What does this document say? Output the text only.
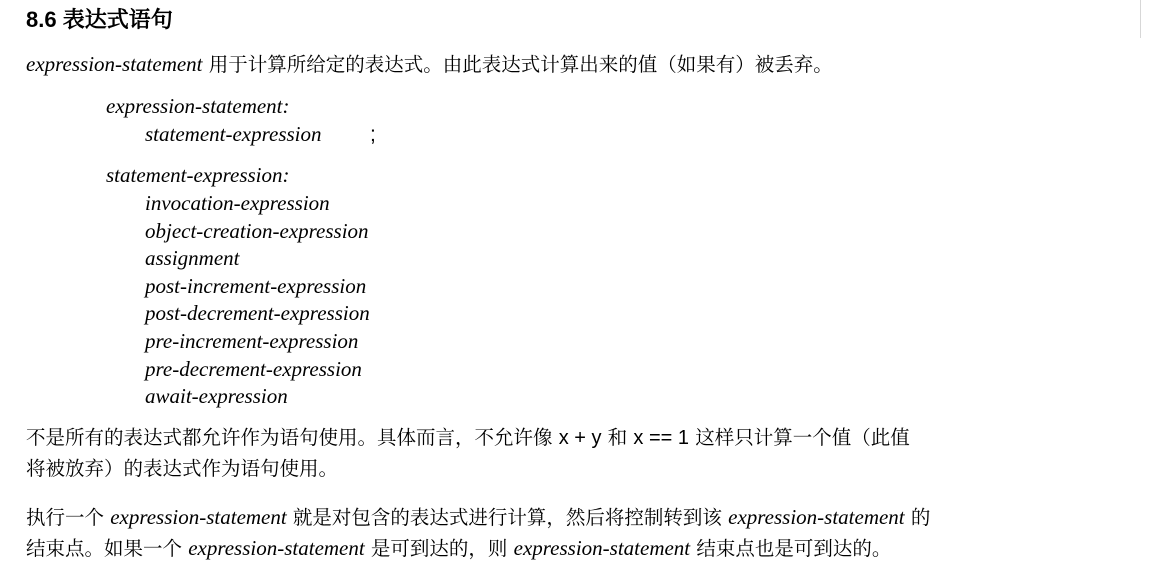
8.6 表达式语句
expression-statement 用于计算所给定的表达式。由此表达式计算出来的值（如果有）被丢弃。
expression-statement:
statement-expression ;
statement-expression:
invocation-expression
object-creation-expression
assignment
post-increment-expression
post-decrement-expression
pre-increment-expression
pre-decrement-expression
await-expression
不是所有的表达式都允许作为语句使用。具体而言，不允许像 x + y 和 x == 1 这样只计算一个值（此值
将被放弃）的表达式作为语句使用。
执行一个 expression-statement 就是对包含的表达式进行计算，然后将控制转到该 expression-statement 的
结束点。如果一个 expression-statement 是可到达的，则 expression-statement 结束点也是可到达的。
